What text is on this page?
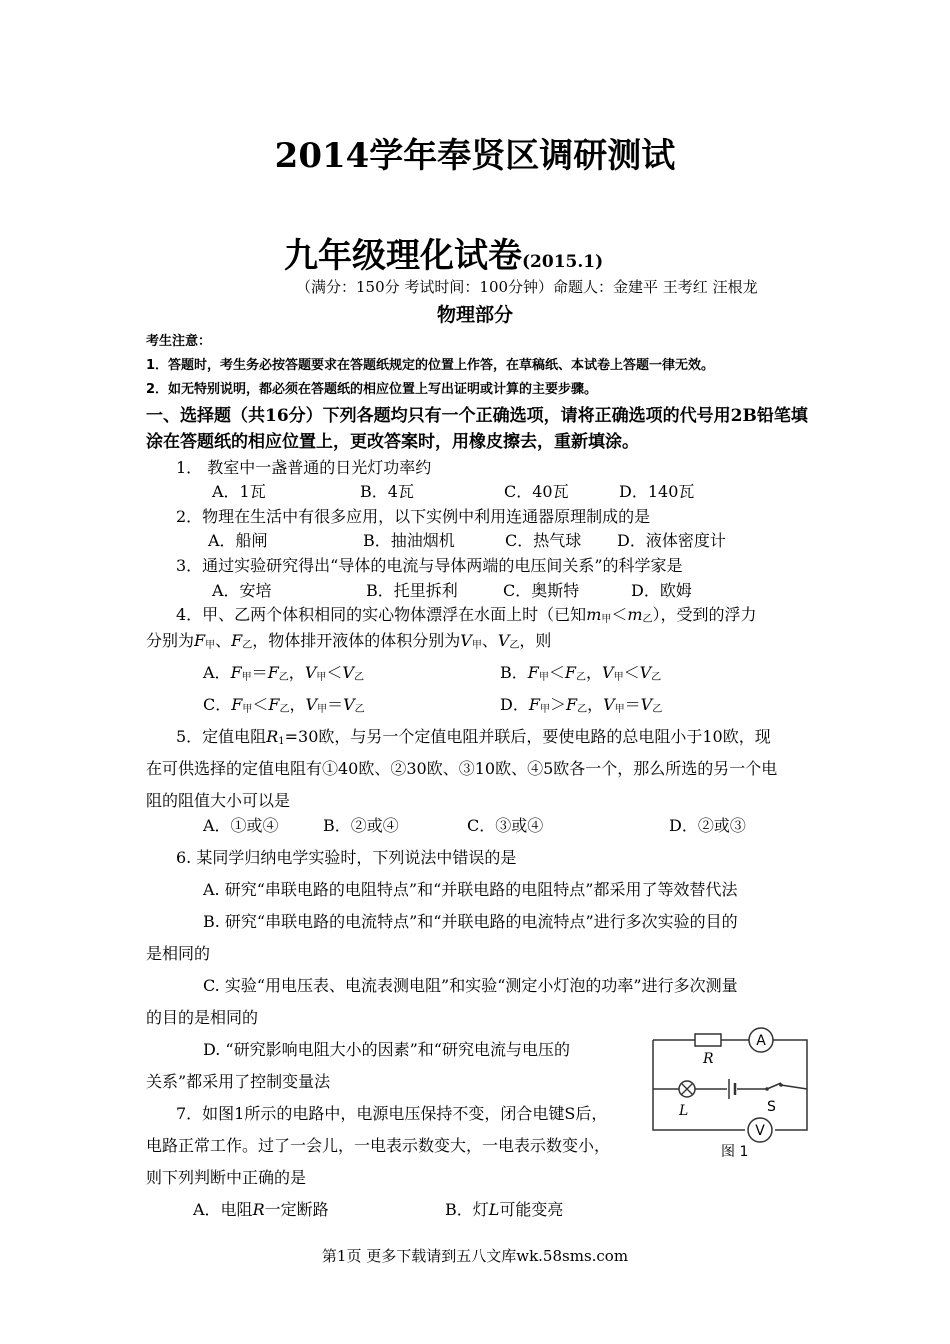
2014学年奉贤区调研测试
九年级理化试卷(2015.1)
（满分：150分 考试时间：100分钟）命题人：金建平 王考红 汪根龙
物理部分
考生注意：
1．答题时，考生务必按答题要求在答题纸规定的位置上作答，在草稿纸、本试卷上答题一律无效。
2．如无特别说明，都必须在答题纸的相应位置上写出证明或计算的主要步骤。
一、选择题（共16分）下列各题均只有一个正确选项，请将正确选项的代号用2B铅笔填
涂在答题纸的相应位置上，更改答案时，用橡皮擦去，重新填涂。
1． 教室中一盏普通的日光灯功率约
A．1瓦	B．4瓦	C．40瓦	D．140瓦
2．物理在生活中有很多应用，以下实例中利用连通器原理制成的是
A．船闸	B．抽油烟机	C．热气球 D．液体密度计
3．通过实验研究得出“导体的电流与导体两端的电压间关系”的科学家是
A．安培	B．托里拆利	C．奥斯特	D．欧姆
4．甲、乙两个体积相同的实心物体漂浮在水面上时（已知$m_甲<m_乙$），受到的浮力
分别为$F_甲$、$F_乙$，物体排开液体的体积分别为$V_甲$、$V_乙$，则
A．$F_甲=F_乙$，$V_甲<V_乙$	B．$F_甲<F_乙$，$V_甲<V_乙$
C．$F_甲<F_乙$，$V_甲=V_乙$	D．$F_甲>F_乙$，$V_甲=V_乙$
5．定值电阻$R_1=30$欧，与另一个定值电阻并联后，要使电路的总电阻小于10欧，现
在可供选择的定值电阻有①40欧、②30欧、③10欧、④5欧各一个，那么所选的另一个电
阻的阻值大小可以是
A．①或④	B．②或④	C．③或④	D．②或③
6. 某同学归纳电学实验时，下列说法中错误的是
A. 研究“串联电路的电阻特点”和“并联电路的电阻特点”都采用了等效替代法
B. 研究“串联电路的电流特点”和“并联电路的电流特点”进行多次实验的目的
是相同的
C. 实验“用电压表、电流表测电阻”和实验“测定小灯泡的功率”进行多次测量
的目的是相同的
D. “研究影响电阻大小的因素”和“研究电流与电压的
关系”都采用了控制变量法
7．如图1所示的电路中，电源电压保持不变，闭合电键S后，
电路正常工作。过了一会儿，一电表示数变大，一电表示数变小，
则下列判断中正确的是
A．电阻R一定断路	B．灯L可能变亮
A
V
R
L	S
图 1
第1页 更多下载请到五八文库wk.58sms.com
